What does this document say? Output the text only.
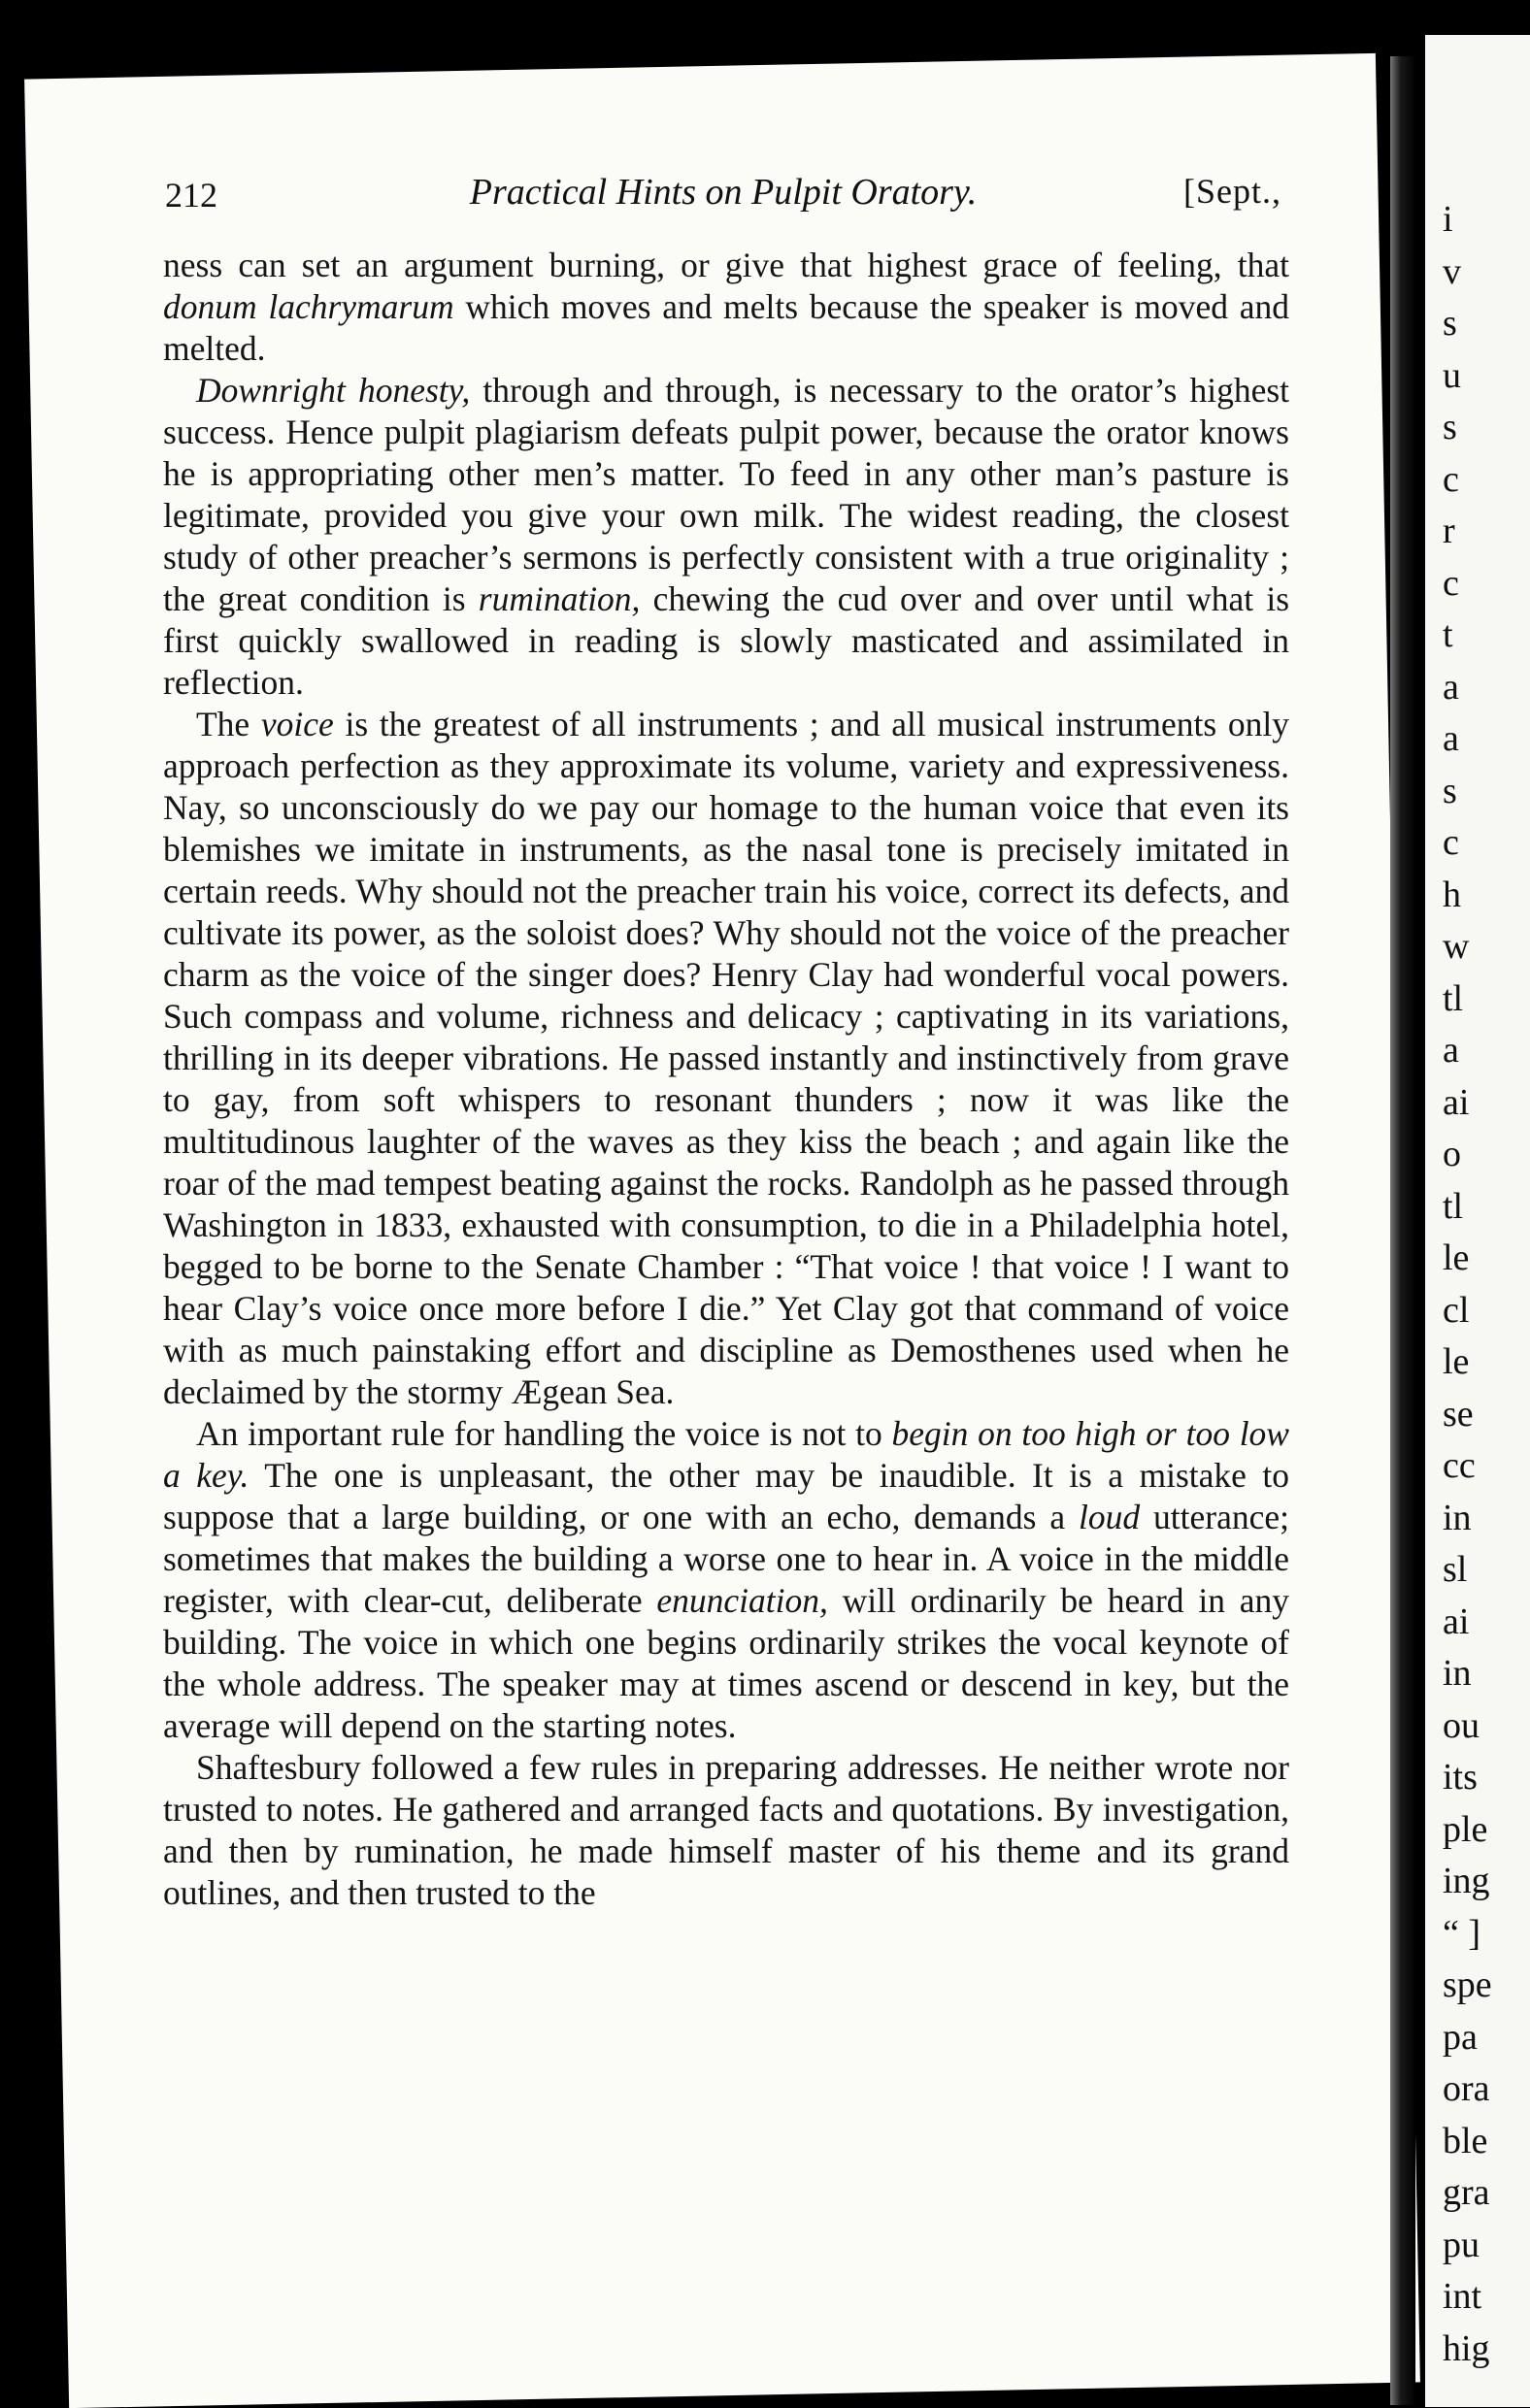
i
v
s
u
s
c
r
c
t
a
a
s
c
h
w
tl
a
ai
o
tl
le
cl
le
se
cc
in
sl
ai
in
ou
its
ple
ing
“ ]
spe
pa
ora
ble
gra
pu
int
hig
212	Practical Hints on Pulpit Oratory.	[Sept.,

ness can set an argument burning, or give that highest grace of feeling, that donum lachrymarum which moves and melts because the speaker is moved and melted.

Downright honesty, through and through, is necessary to the orator’s highest success. Hence pulpit plagiarism defeats pulpit power, because the orator knows he is appropriating other men’s matter. To feed in any other man’s pasture is legitimate, provided you give your own milk. The widest reading, the closest study of other preacher’s sermons is perfectly consistent with a true originality ; the great condition is rumination, chewing the cud over and over until what is first quickly swallowed in reading is slowly masticated and assimilated in reflection.

The voice is the greatest of all instruments ; and all musical instruments only approach perfection as they approximate its volume, variety and expressiveness. Nay, so unconsciously do we pay our homage to the human voice that even its blemishes we imitate in instruments, as the nasal tone is precisely imitated in certain reeds. Why should not the preacher train his voice, correct its defects, and cultivate its power, as the soloist does? Why should not the voice of the preacher charm as the voice of the singer does? Henry Clay had wonderful vocal powers. Such compass and volume, richness and delicacy ; captivating in its variations, thrilling in its deeper vibrations. He passed instantly and instinctively from grave to gay, from soft whispers to resonant thunders ; now it was like the multitudinous laughter of the waves as they kiss the beach ; and again like the roar of the mad tempest beating against the rocks. Randolph as he passed through Washington in 1833, exhausted with consumption, to die in a Philadelphia hotel, begged to be borne to the Senate Chamber : “That voice ! that voice ! I want to hear Clay’s voice once more before I die.” Yet Clay got that command of voice with as much painstaking effort and discipline as Demosthenes used when he declaimed by the stormy Ægean Sea.

An important rule for handling the voice is not to begin on too high or too low a key. The one is unpleasant, the other may be inaudible. It is a mistake to suppose that a large building, or one with an echo, demands a loud utterance; sometimes that makes the building a worse one to hear in. A voice in the middle register, with clear-cut, deliberate enunciation, will ordinarily be heard in any building. The voice in which one begins ordinarily strikes the vocal keynote of the whole address. The speaker may at times ascend or descend in key, but the average will depend on the starting notes.

Shaftesbury followed a few rules in preparing addresses. He neither wrote nor trusted to notes. He gathered and arranged facts and quotations. By investigation, and then by rumination, he made himself master of his theme and its grand outlines, and then trusted to the
